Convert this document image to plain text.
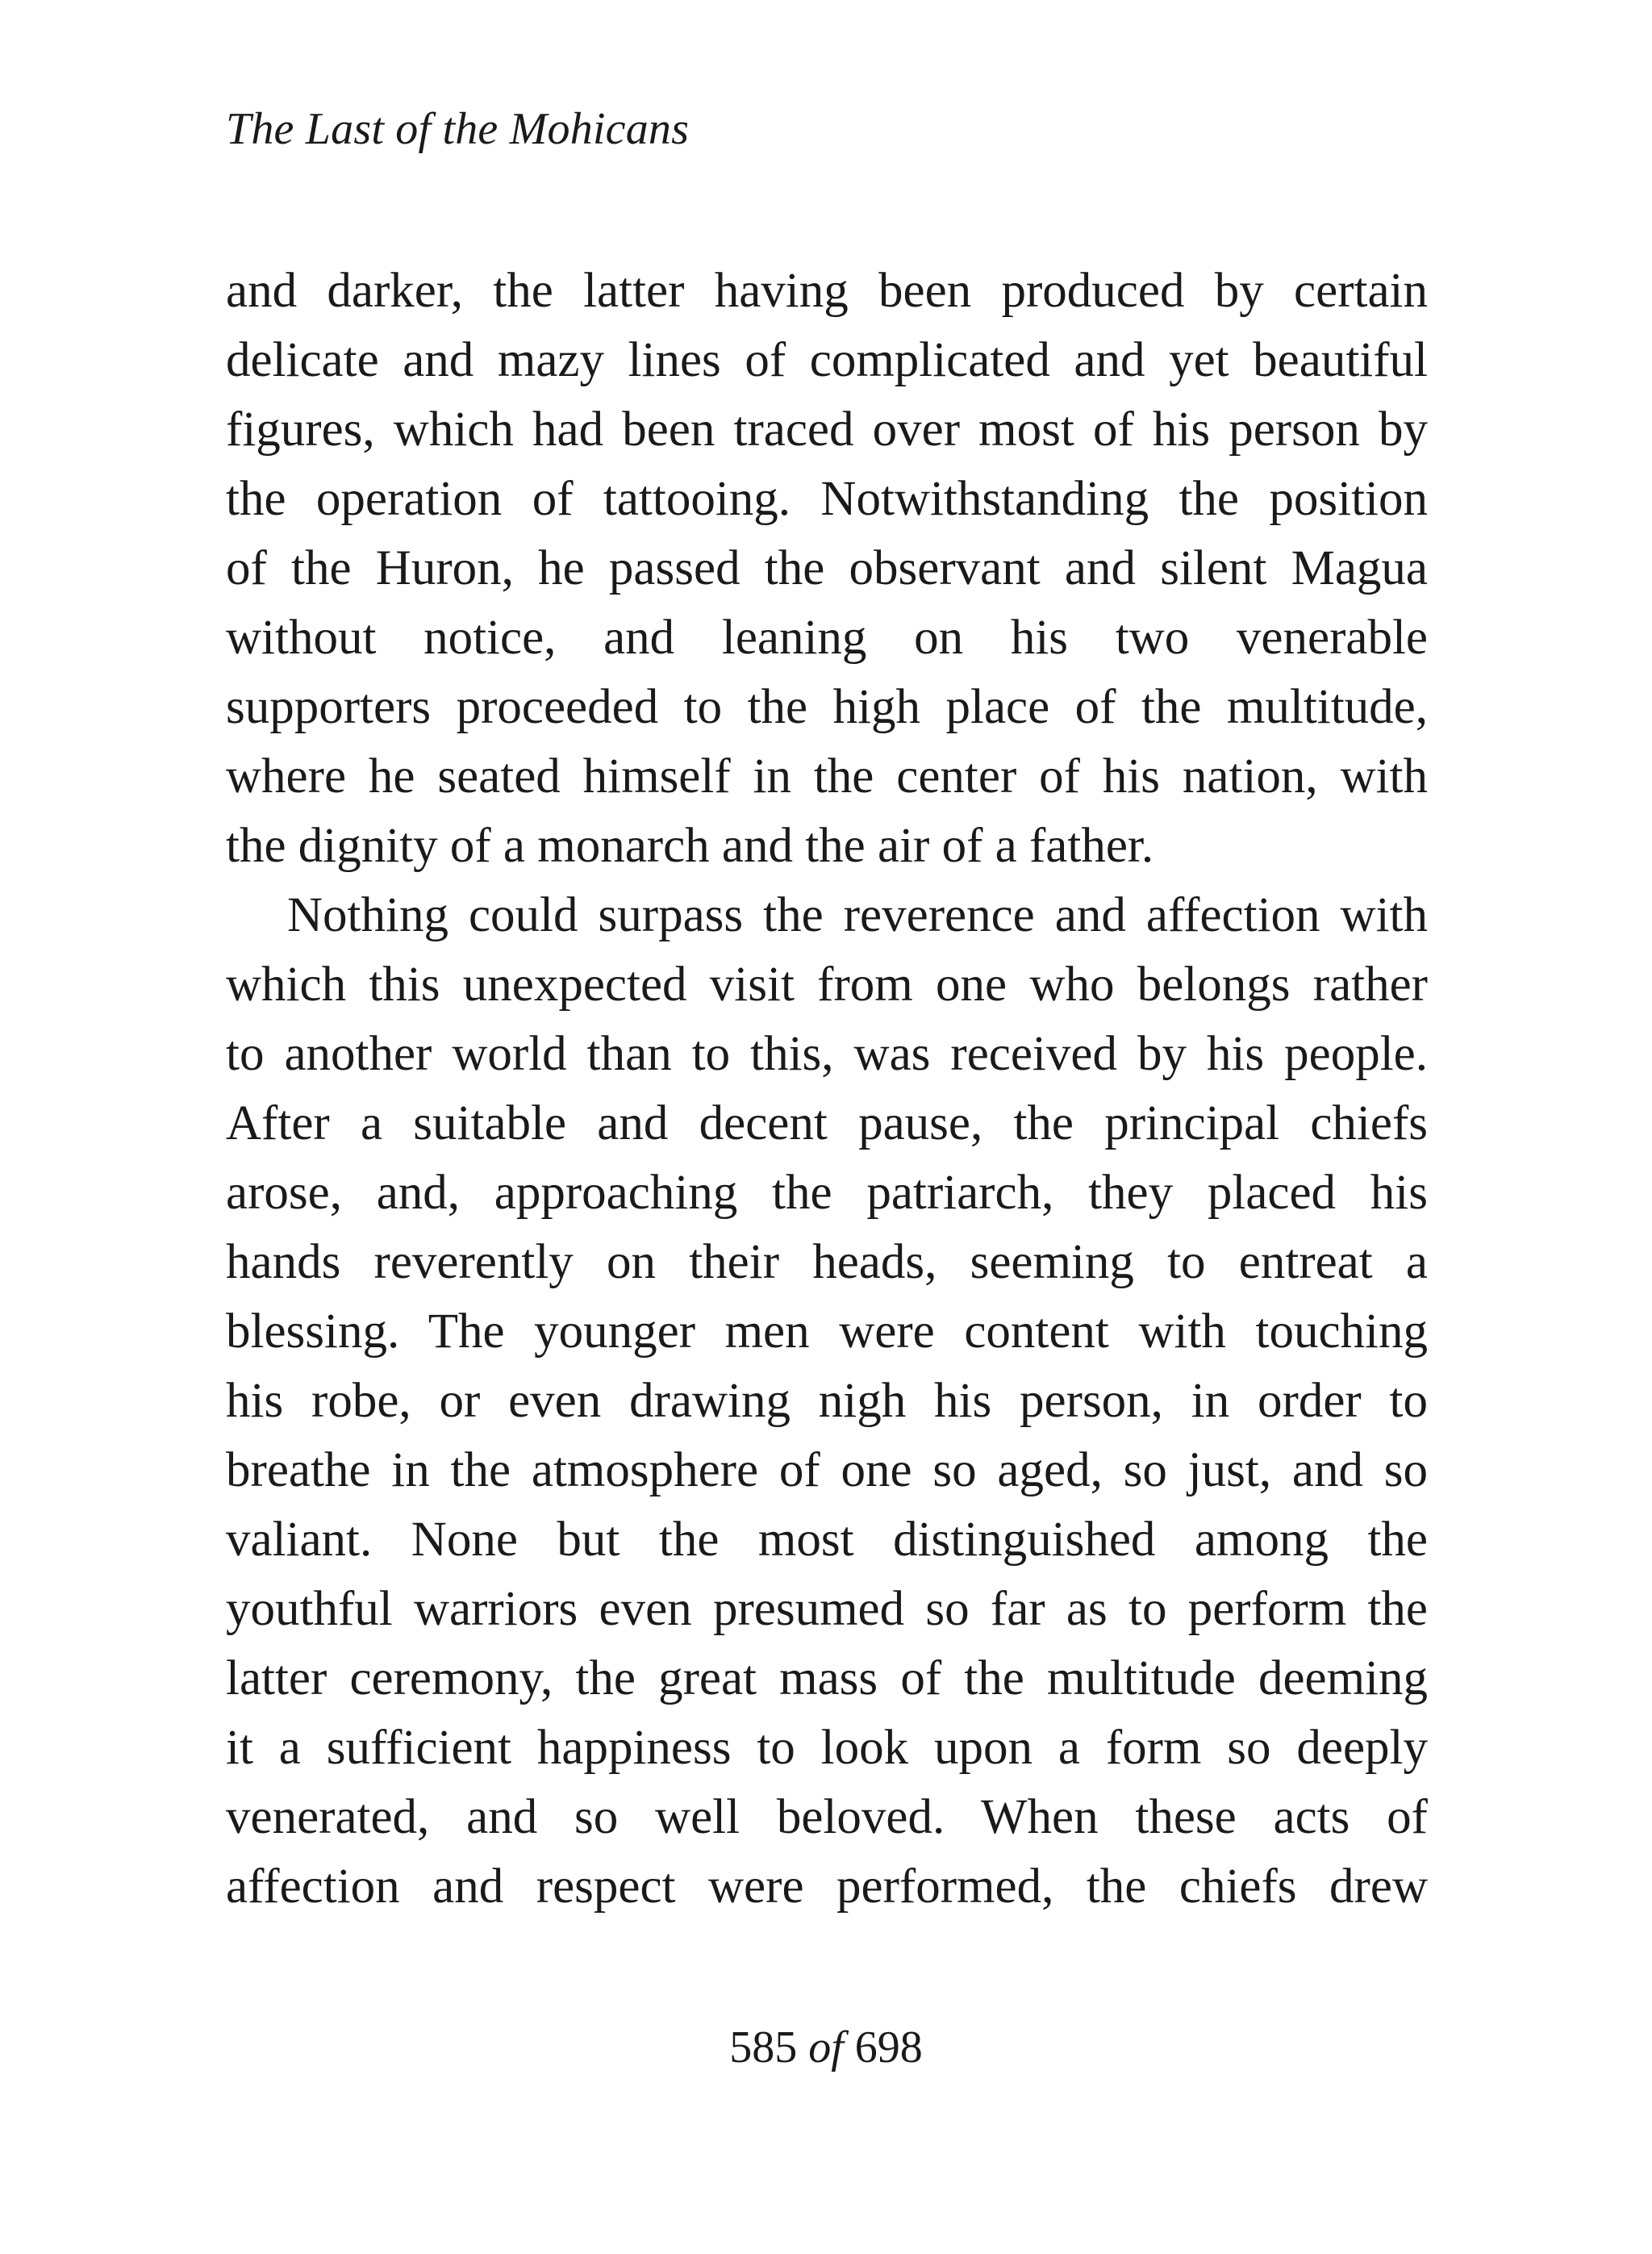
The Last of the Mohicans
and darker, the latter having been produced by certain
delicate and mazy lines of complicated and yet beautiful
figures, which had been traced over most of his person by
the operation of tattooing. Notwithstanding the position
of the Huron, he passed the observant and silent Magua
without notice, and leaning on his two venerable
supporters proceeded to the high place of the multitude,
where he seated himself in the center of his nation, with
the dignity of a monarch and the air of a father.
Nothing could surpass the reverence and affection with
which this unexpected visit from one who belongs rather
to another world than to this, was received by his people.
After a suitable and decent pause, the principal chiefs
arose, and, approaching the patriarch, they placed his
hands reverently on their heads, seeming to entreat a
blessing. The younger men were content with touching
his robe, or even drawing nigh his person, in order to
breathe in the atmosphere of one so aged, so just, and so
valiant. None but the most distinguished among the
youthful warriors even presumed so far as to perform the
latter ceremony, the great mass of the multitude deeming
it a sufficient happiness to look upon a form so deeply
venerated, and so well beloved. When these acts of
affection and respect were performed, the chiefs drew
585 of 698
